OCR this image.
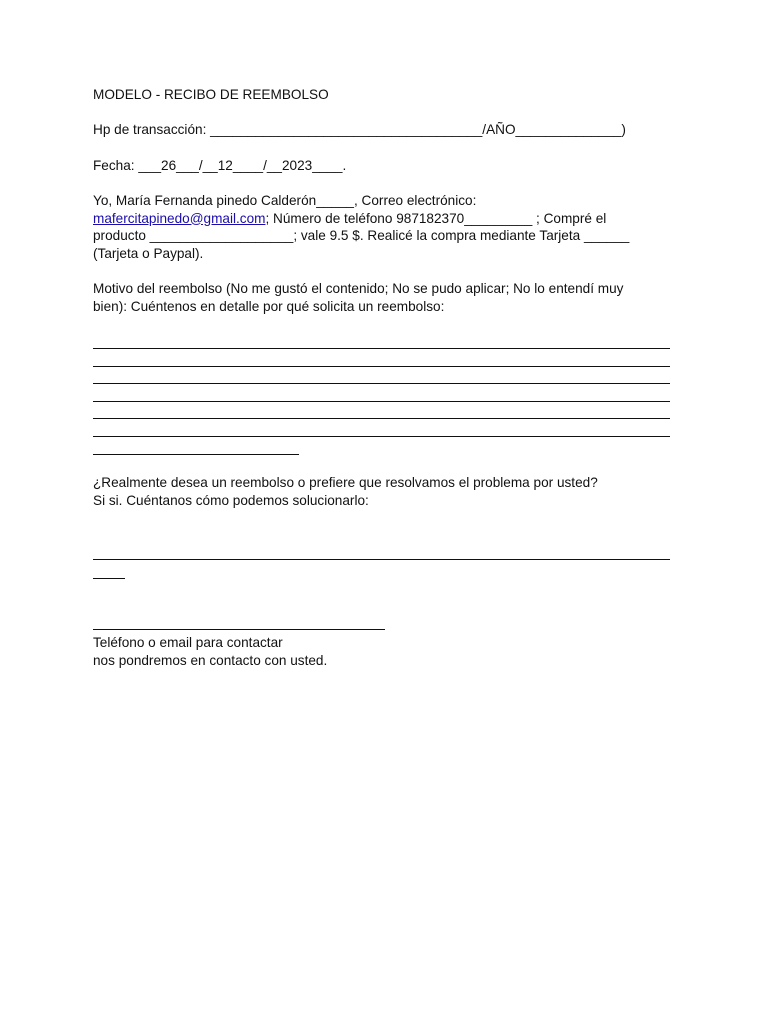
MODELO - RECIBO DE REEMBOLSO
Hp de transacción: ____________________________________/AÑO______________)
Fecha: ___26___/__12____/__2023____.
Yo, María Fernanda pinedo Calderón_____, Correo electrónico:
mafercitapinedo@gmail.com; Número de teléfono 987182370_________ ; Compré el
producto ___________________; vale 9.5 $. Realicé la compra mediante Tarjeta ______
(Tarjeta o Paypal).
Motivo del reembolso (No me gustó el contenido; No se pudo aplicar; No lo entendí muy
bien): Cuéntenos en detalle por qué solicita un reembolso:
¿Realmente desea un reembolso o prefiere que resolvamos el problema por usted?
Si si. Cuéntanos cómo podemos solucionarlo:
Teléfono o email para contactar
nos pondremos en contacto con usted.
